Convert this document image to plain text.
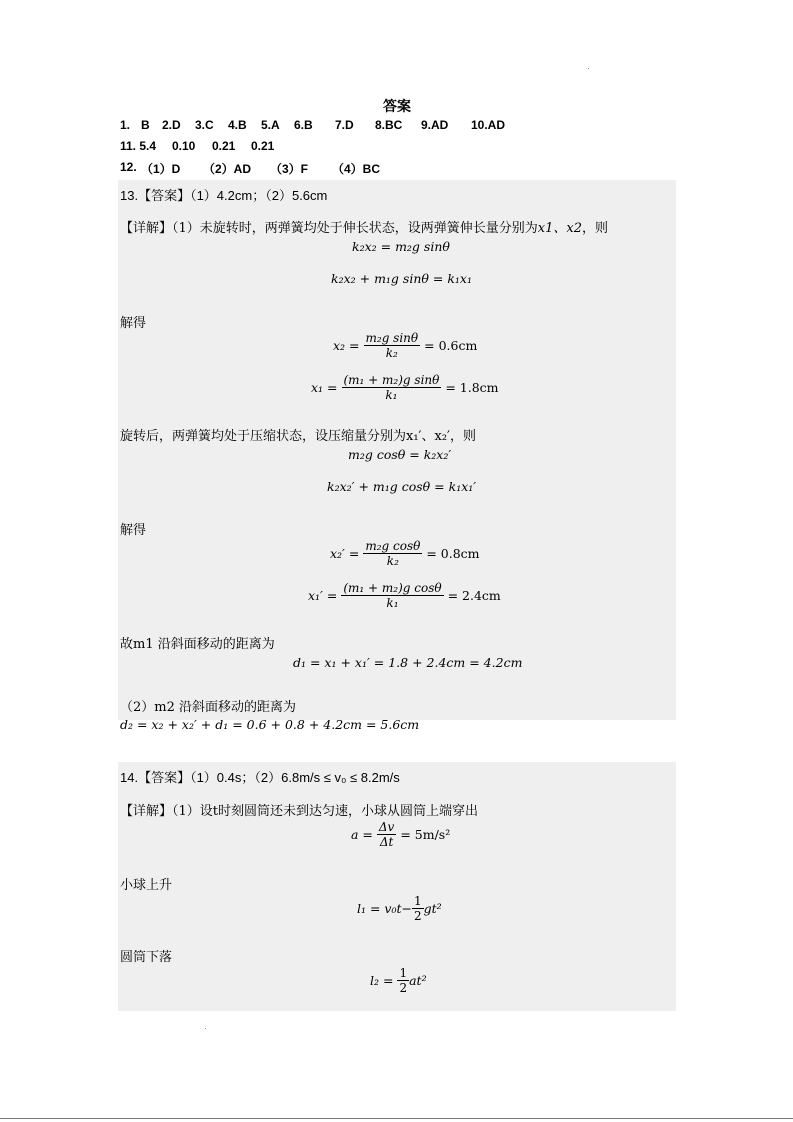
答案
1. B 2.D 3.C 4.B 5.A 6.B 7.D 8.BC 9.AD 10.AD
11. 5.4 0.10 0.21 0.21
12. （1）D （2）AD （3）F （4）BC
13.【答案】（1）4.2cm；（2）5.6cm
【详解】（1）未旋转时，两弹簧均处于伸长状态，设两弹簧伸长量分别为x1、x2，则
k₂x₂ = m₂g sinθ
k₂x₂ + m₁g sinθ = k₁x₁
解得
$x_2 = \frac{\text{m₂g sinθ}}{\text{k₂}} = 0.6cm$
$x_1 = \frac{\text{(m₁ + m₂)g sinθ}}{\text{k₁}} = 1.8cm$
旋转后，两弹簧均处于压缩状态，设压缩量分别为x₁′、x₂′，则
m₂g cosθ = k₂x₂′
k₂x₂′ + m₁g cosθ = k₁x₁′
解得
$x_2' = \frac{\text{m₂g cosθ}}{\text{k₂}} = 0.8cm$
$x_1' = \frac{\text{(m₁ + m₂)g cosθ}}{\text{k₁}} = 2.4cm$
故m1 沿斜面移动的距离为
d₁ = x₁ + x₁′ = 1.8 + 2.4cm = 4.2cm
（2）m2 沿斜面移动的距离为
d₂ = x₂ + x₂′ + d₁ = 0.6 + 0.8 + 4.2cm = 5.6cm
14.【答案】（1）0.4s；（2）6.8m/s ≤ v₀ ≤ 8.2m/s
【详解】（1）设t时刻圆筒还未到达匀速，小球从圆筒上端穿出
$a = \frac{\Delta v}{\Delta t} = 5m/s^2$
小球上升
$l_1 = v_0t- \frac{1}{2} gt^2$
圆筒下落
$l_2 = \frac{1}{2} at^2$
